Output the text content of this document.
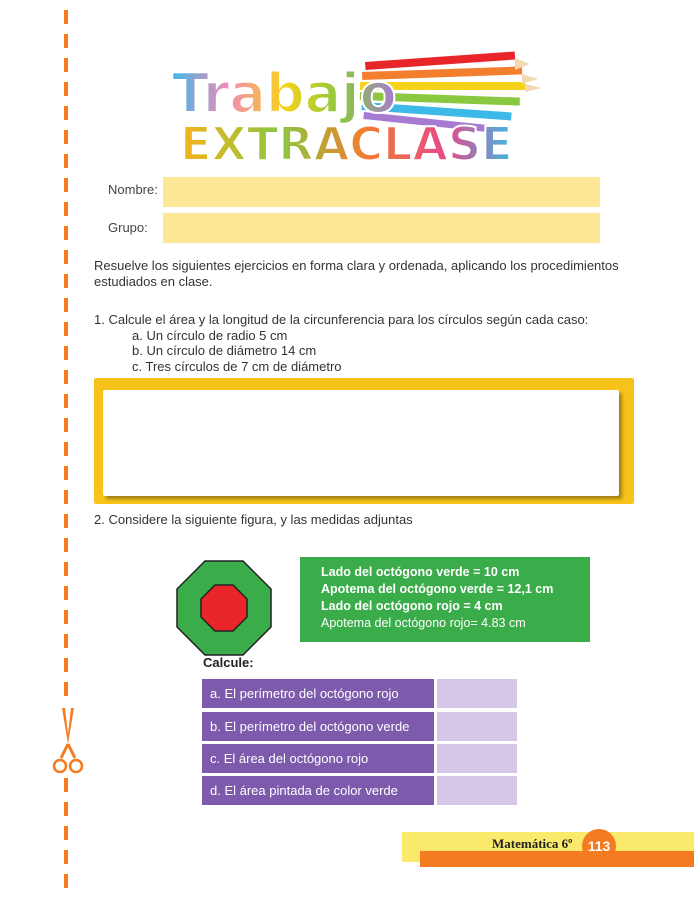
Trabajo
EXTRACLASE
Nombre:
Grupo:
Resuelve los siguientes ejercicios en forma clara y ordenada, aplicando los procedimientos estudiados en clase.
1. Calcule el área y la longitud de la circunferencia para los círculos según cada caso:
a. Un círculo de radio 5 cm
b. Un círculo de diámetro 14 cm
c. Tres círculos de 7 cm de diámetro
2. Considere la siguiente figura, y las medidas adjuntas
Lado del octógono verde = 10 cm
Apotema del octógono verde = 12,1 cm
Lado del octógono rojo = 4 cm
Apotema del octógono rojo= 4.83 cm
Calcule:
a. El perímetro del octógono rojo
b. El perímetro del octógono verde
c. El área del octógono rojo
d. El área pintada de color verde
Matemática 6º	113
